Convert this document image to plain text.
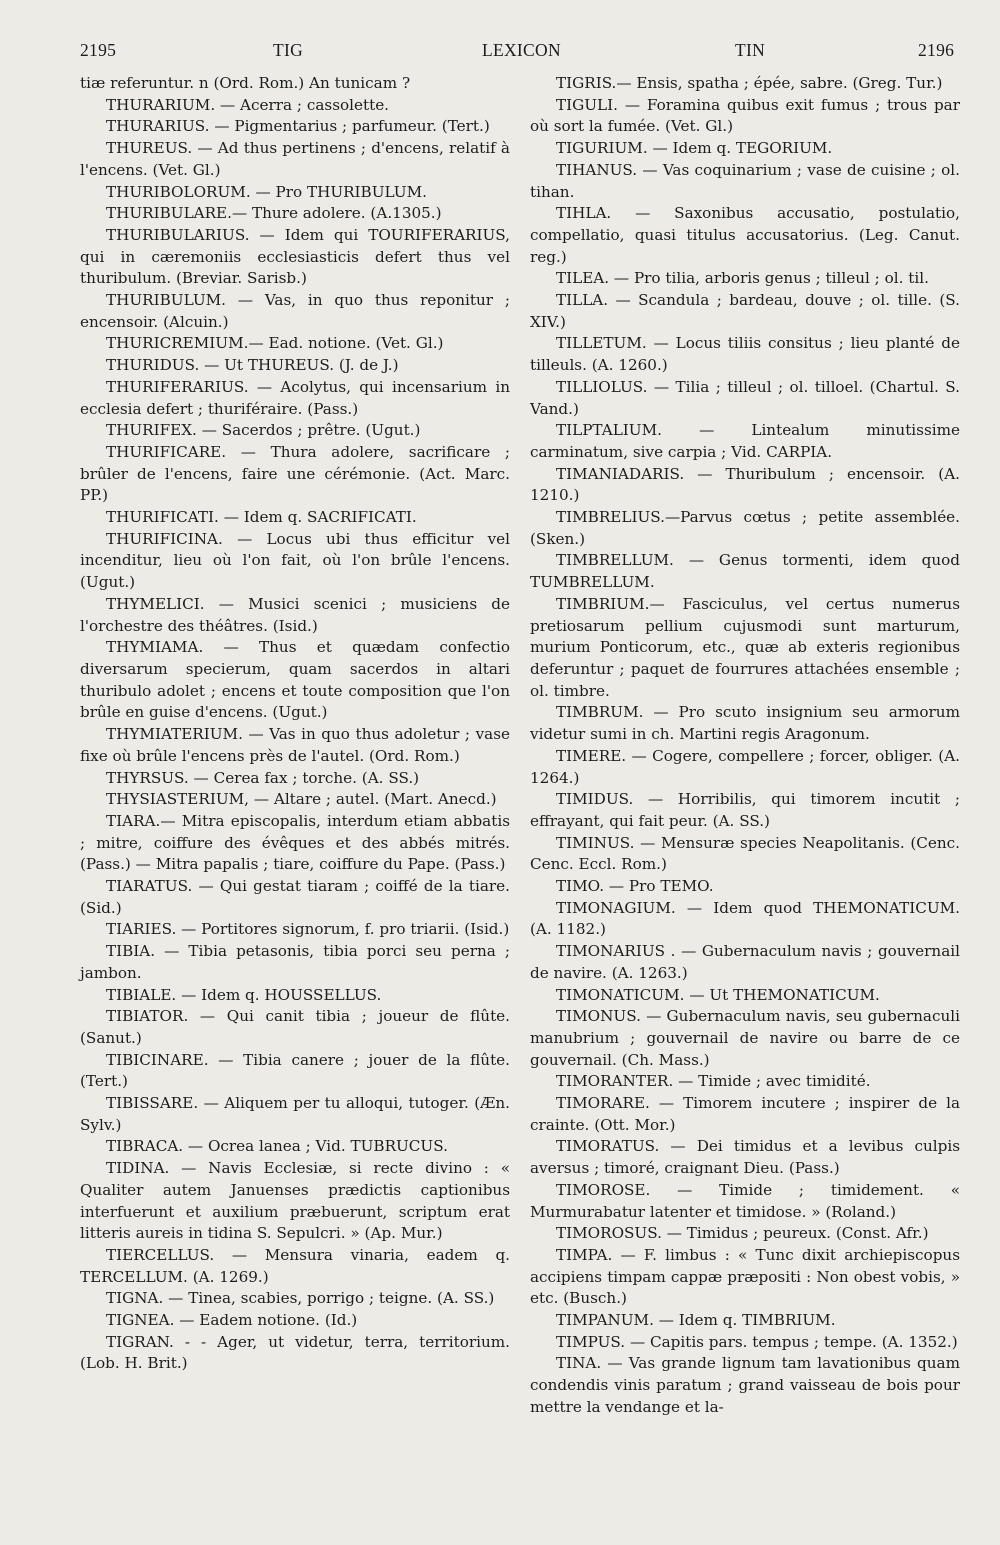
2195	TIG	LEXICON	TIN	2196

tiæ referuntur. n (Ord. Rom.) An tunicam ?

THURARIUM. — Acerra ; cassolette.

THURARIUS. — Pigmentarius ; parfumeur. (Tert.)

THUREUS. — Ad thus pertinens ; d'encens, relatif à l'encens. (Vet. Gl.)

THURIBOLORUM. — Pro THURIBULUM.

THURIBULARE.— Thure adolere. (A.1305.)

THURIBULARIUS. — Idem qui TOURIFERARIUS, qui in cæremoniis ecclesiasticis defert thus vel thuribulum. (Breviar. Sarisb.)

THURIBULUM. — Vas, in quo thus reponitur ; encensoir. (Alcuin.)

THURICREMIUM.— Ead. notione. (Vet. Gl.)

THURIDUS. — Ut THUREUS. (J. de J.)

THURIFERARIUS. — Acolytus, qui incensarium in ecclesia defert ; thuriféraire. (Pass.)

THURIFEX. — Sacerdos ; prêtre. (Ugut.)

THURIFICARE. — Thura adolere, sacrificare ; brûler de l'encens, faire une cérémonie. (Act. Marc. PP.)

THURIFICATI. — Idem q. SACRIFICATI.

THURIFICINA. — Locus ubi thus efficitur vel incenditur, lieu où l'on fait, où l'on brûle l'encens. (Ugut.)

THYMELICI. — Musici scenici ; musiciens de l'orchestre des théâtres. (Isid.)

THYMIAMA. — Thus et quædam confectio diversarum specierum, quam sacerdos in altari thuribulo adolet ; encens et toute composition que l'on brûle en guise d'encens. (Ugut.)

THYMIATERIUM. — Vas in quo thus adoletur ; vase fixe où brûle l'encens près de l'autel. (Ord. Rom.)

THYRSUS. — Cerea fax ; torche. (A. SS.)

THYSIASTERIUM, — Altare ; autel. (Mart. Anecd.)

TIARA.— Mitra episcopalis, interdum etiam abbatis ; mitre, coiffure des évêques et des abbés mitrés. (Pass.) — Mitra papalis ; tiare, coiffure du Pape. (Pass.)

TIARATUS. — Qui gestat tiaram ; coiffé de la tiare. (Sid.)

TIARIES. — Portitores signorum, f. pro triarii. (Isid.)

TIBIA. — Tibia petasonis, tibia porci seu perna ; jambon.

TIBIALE. — Idem q. HOUSSELLUS.

TIBIATOR. — Qui canit tibia ; joueur de flûte. (Sanut.)

TIBICINARE. — Tibia canere ; jouer de la flûte. (Tert.)

TIBISSARE. — Aliquem per tu alloqui, tutoger. (Æn. Sylv.)

TIBRACA. — Ocrea lanea ; Vid. TUBRUCUS.

TIDINA. — Navis Ecclesiæ, si recte divino : « Qualiter autem Januenses prædictis captionibus interfuerunt et auxilium præbuerunt, scriptum erat litteris aureis in tidina S. Sepulcri. » (Ap. Mur.)

TIERCELLUS. — Mensura vinaria, eadem q. TERCELLUM. (A. 1269.)

TIGNA. — Tinea, scabies, porrigo ; teigne. (A. SS.)

TIGNEA. — Eadem notione. (Id.)

TIGRAN. - - Ager, ut videtur, terra, territorium. (Lob. H. Brit.)

TIGRIS.— Ensis, spatha ; épée, sabre. (Greg. Tur.)

TIGULI. — Foramina quibus exit fumus ; trous par où sort la fumée. (Vet. Gl.)

TIGURIUM. — Idem q. TEGORIUM.

TIHANUS. — Vas coquinarium ; vase de cuisine ; ol. tihan.

TIHLA. — Saxonibus accusatio, postulatio, compellatio, quasi titulus accusatorius. (Leg. Canut. reg.)

TILEA. — Pro tilia, arboris genus ; tilleul ; ol. til.

TILLA. — Scandula ; bardeau, douve ; ol. tille. (S. XIV.)

TILLETUM. — Locus tiliis consitus ; lieu planté de tilleuls. (A. 1260.)

TILLIOLUS. — Tilia ; tilleul ; ol. tilloel. (Chartul. S. Vand.)

TILPTALIUM. — Lintealum minutissime carminatum, sive carpia ; Vid. CARPIA.

TIMANIADARIS. — Thuribulum ; encensoir. (A. 1210.)

TIMBRELIUS.—Parvus cœtus ; petite assemblée. (Sken.)

TIMBRELLUM. — Genus tormenti, idem quod TUMBRELLUM.

TIMBRIUM.— Fasciculus, vel certus numerus pretiosarum pellium cujusmodi sunt marturum, murium Ponticorum, etc., quæ ab exteris regionibus deferuntur ; paquet de fourrures attachées ensemble ; ol. timbre.

TIMBRUM. — Pro scuto insignium seu armorum videtur sumi in ch. Martini regis Aragonum.

TIMERE. — Cogere, compellere ; forcer, obliger. (A. 1264.)

TIMIDUS. — Horribilis, qui timorem incutit ; effrayant, qui fait peur. (A. SS.)

TIMINUS. — Mensuræ species Neapolitanis. (Cenc. Cenc. Eccl. Rom.)

TIMO. — Pro TEMO.

TIMONAGIUM. — Idem quod THEMONATICUM. (A. 1182.)

TIMONARIUS . — Gubernaculum navis ; gouvernail de navire. (A. 1263.)

TIMONATICUM. — Ut THEMONATICUM.

TIMONUS. — Gubernaculum navis, seu gubernaculi manubrium ; gouvernail de navire ou barre de ce gouvernail. (Ch. Mass.)

TIMORANTER. — Timide ; avec timidité.

TIMORARE. — Timorem incutere ; inspirer de la crainte. (Ott. Mor.)

TIMORATUS. — Dei timidus et a levibus culpis aversus ; timoré, craignant Dieu. (Pass.)

TIMOROSE. — Timide ; timidement. « Murmurabatur latenter et timidose. » (Roland.)

TIMOROSUS. — Timidus ; peureux. (Const. Afr.)

TIMPA. — F. limbus : « Tunc dixit archiepiscopus accipiens timpam cappæ præpositi : Non obest vobis, » etc. (Busch.)

TIMPANUM. — Idem q. TIMBRIUM.

TIMPUS. — Capitis pars. tempus ; tempe. (A. 1352.)

TINA. — Vas grande lignum tam lavationibus quam condendis vinis paratum ; grand vaisseau de bois pour mettre la vendange et la-
